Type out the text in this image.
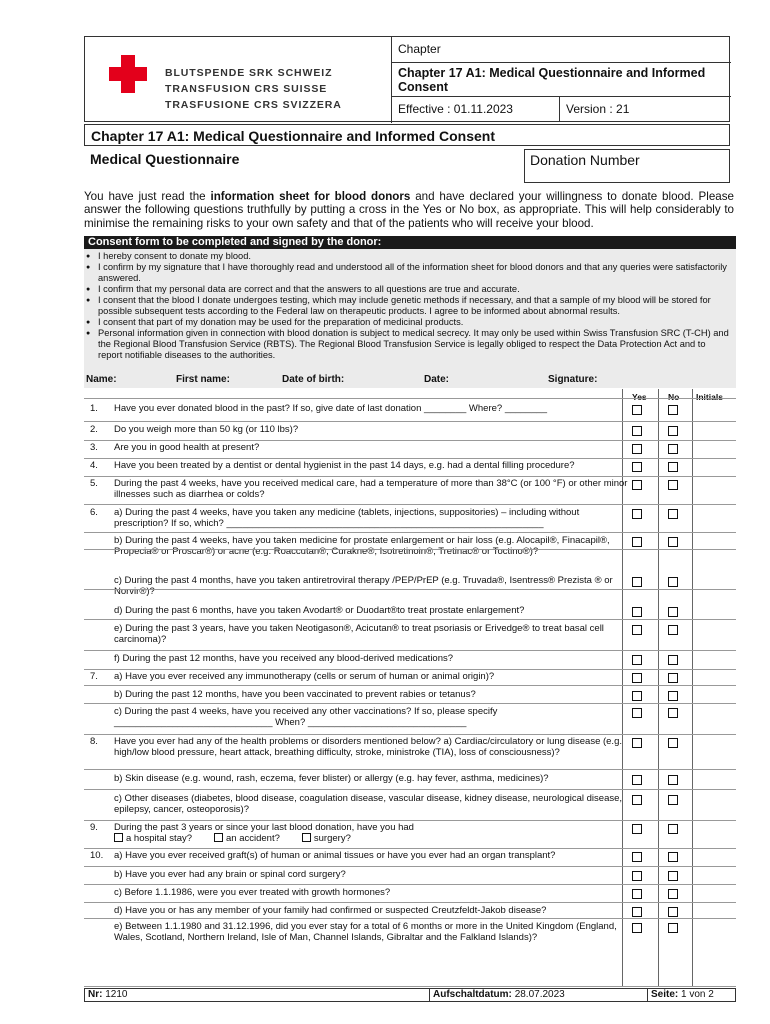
BLUTSPENDE SRK SCHWEIZ
TRANSFUSION CRS SUISSE
TRASFUSIONE CRS SVIZZERA
Chapter
Chapter 17 A1: Medical Questionnaire and Informed Consent
Effective : 01.11.2023	Version : 21
Chapter 17 A1: Medical Questionnaire and Informed Consent
Medical Questionnaire	Donation Number
You have just read the information sheet for blood donors and have declared your willingness to donate blood. Please answer the following questions truthfully by putting a cross in the Yes or No box, as appropriate. This will help considerably to minimise the remaining risks to your own safety and that of the patients who will receive your blood.
Consent form to be completed and signed by the donor:
● I hereby consent to donate my blood.
● I confirm by my signature that I have thoroughly read and understood all of the information sheet for blood donors and that any queries were satisfactorily answered.
● I confirm that my personal data are correct and that the answers to all questions are true and accurate.
● I consent that the blood I donate undergoes testing, which may include genetic methods if necessary, and that a sample of my blood will be stored for possible subsequent tests according to the Federal law on therapeutic products. I agree to be informed about abnormal results.
● I consent that part of my donation may be used for the preparation of medicinal products.
● Personal information given in connection with blood donation is subject to medical secrecy. It may only be used within Swiss Transfusion SRC (T-CH) and the Regional Blood Transfusion Service (RBTS). The Regional Blood Transfusion Service is legally obliged to respect the Data Protection Act and to report notifiable diseases to the authorities.
Name:	First name:	Date of birth:	Date:	Signature:
Yes	No Initials
1. Have you ever donated blood in the past? If so, give date of last donation ________ Where? ________
2. Do you weigh more than 50 kg (or 110 lbs)?
3. Are you in good health at present?
4. Have you been treated by a dentist or dental hygienist in the past 14 days, e.g. had a dental filling procedure?
5. During the past 4 weeks, have you received medical care, had a temperature of more than 38°C (or 100 °F) or other minor illnesses such as diarrhea or colds?
6. a) During the past 4 weeks, have you taken any medicine (tablets, injections, suppositories) – including without prescription? If so, which? ____________________________________________________________
b) During the past 4 weeks, have you taken medicine for prostate enlargement or hair loss (e.g. Alocapil®, Finacapil®, Propecia® or Proscar®) or acne (e.g. Roaccutan®, Curakne®, Isotretinoin®, Tretinac® or Toctino®)?
c) During the past 4 months, have you taken antiretroviral therapy /PEP/PrEP (e.g. Truvada®, Isentress® Prezista ® or Norvir®)?
d) During the past 6 months, have you taken Avodart® or Duodart®to treat prostate enlargement?
e) During the past 3 years, have you taken Neotigason®, Acicutan® to treat psoriasis or Erivedge® to treat basal cell carcinoma)?
f) During the past 12 months, have you received any blood-derived medications?
7. a) Have you ever received any immunotherapy (cells or serum of human or animal origin)?
b) During the past 12 months, have you been vaccinated to prevent rabies or tetanus?
c) During the past 4 weeks, have you received any other vaccinations? If so, please specify ______________________________ When? ______________________________
8. Have you ever had any of the health problems or disorders mentioned below? a) Cardiac/circulatory or lung disease (e.g. high/low blood pressure, heart attack, breathing difficulty, stroke, ministroke (TIA), loss of consciousness)?
b) Skin disease (e.g. wound, rash, eczema, fever blister) or allergy (e.g. hay fever, asthma, medicines)?
c) Other diseases (diabetes, blood disease, coagulation disease, vascular disease, kidney disease, neurological disease, epilepsy, cancer, osteoporosis)?
9. During the past 3 years or since your last blood donation, have you had
a hospital stay?	an accident?	surgery?
10. a) Have you ever received graft(s) of human or animal tissues or have you ever had an organ transplant?
b) Have you ever had any brain or spinal cord surgery?
c) Before 1.1.1986, were you ever treated with growth hormones?
d) Have you or has any member of your family had confirmed or suspected Creutzfeldt-Jakob disease?
e) Between 1.1.1980 and 31.12.1996, did you ever stay for a total of 6 months or more in the United Kingdom (England, Wales, Scotland, Northern Ireland, Isle of Man, Channel Islands, Gibraltar and the Falkland Islands)?
Nr: 1210	Aufschaltdatum: 28.07.2023	Seite: 1 von 2
